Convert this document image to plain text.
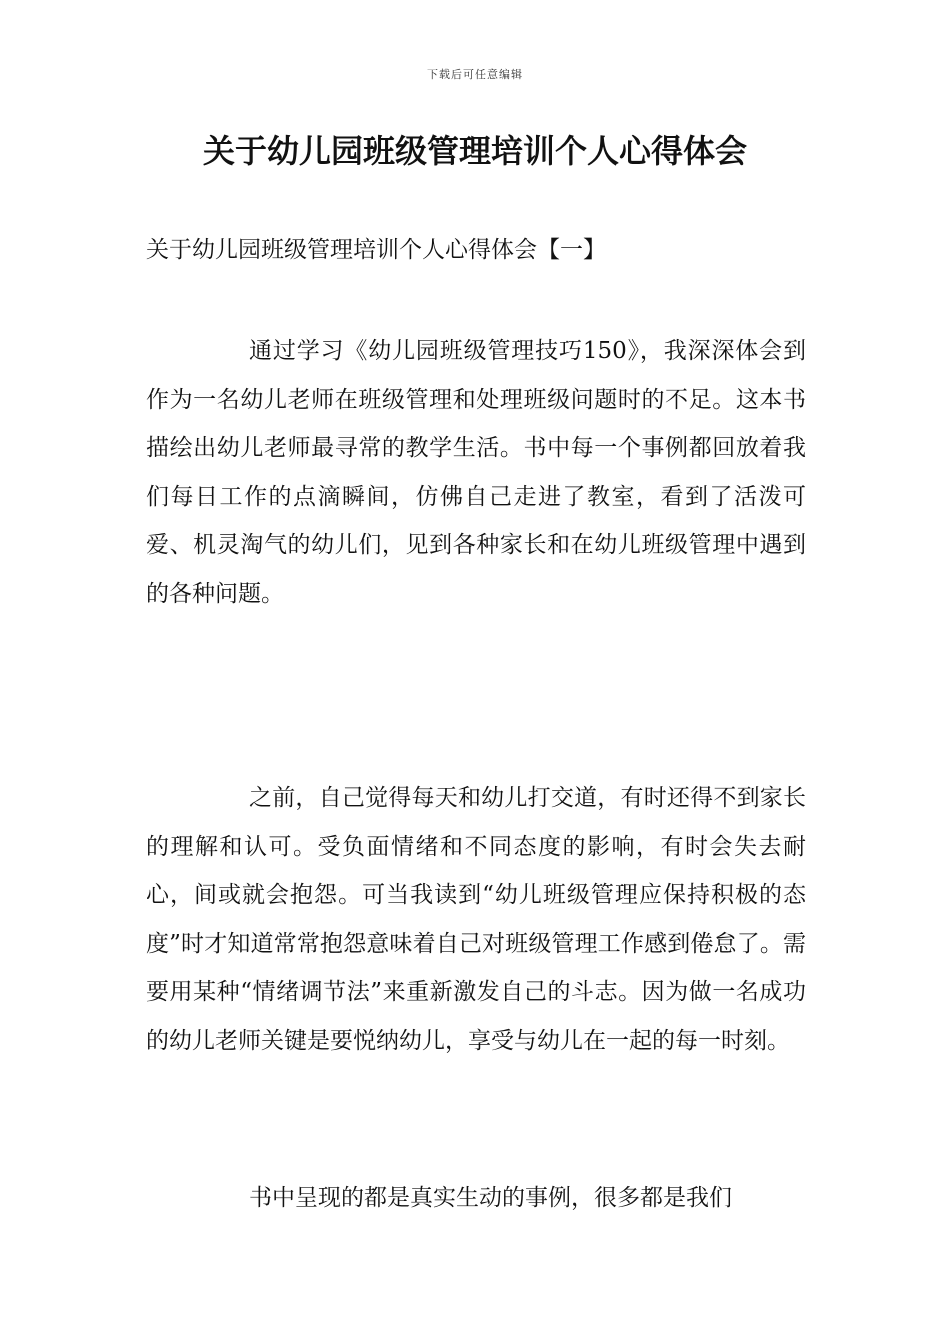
下载后可任意编辑
关于幼儿园班级管理培训个人心得体会
关于幼儿园班级管理培训个人心得体会【一】

通过学习《幼儿园班级管理技巧150》，我深深体会到作为一名幼儿老师在班级管理和处理班级问题时的不足。这本书描绘出幼儿老师最寻常的教学生活。书中每一个事例都回放着我们每日工作的点滴瞬间，仿佛自己走进了教室，看到了活泼可爱、机灵淘气的幼儿们，见到各种家长和在幼儿班级管理中遇到的各种问题。

之前，自己觉得每天和幼儿打交道，有时还得不到家长的理解和认可。受负面情绪和不同态度的影响，有时会失去耐心，间或就会抱怨。可当我读到“幼儿班级管理应保持积极的态度”时才知道常常抱怨意味着自己对班级管理工作感到倦怠了。需要用某种“情绪调节法”来重新激发自己的斗志。因为做一名成功的幼儿老师关键是要悦纳幼儿，享受与幼儿在一起的每一时刻。

书中呈现的都是真实生动的事例，很多都是我们
